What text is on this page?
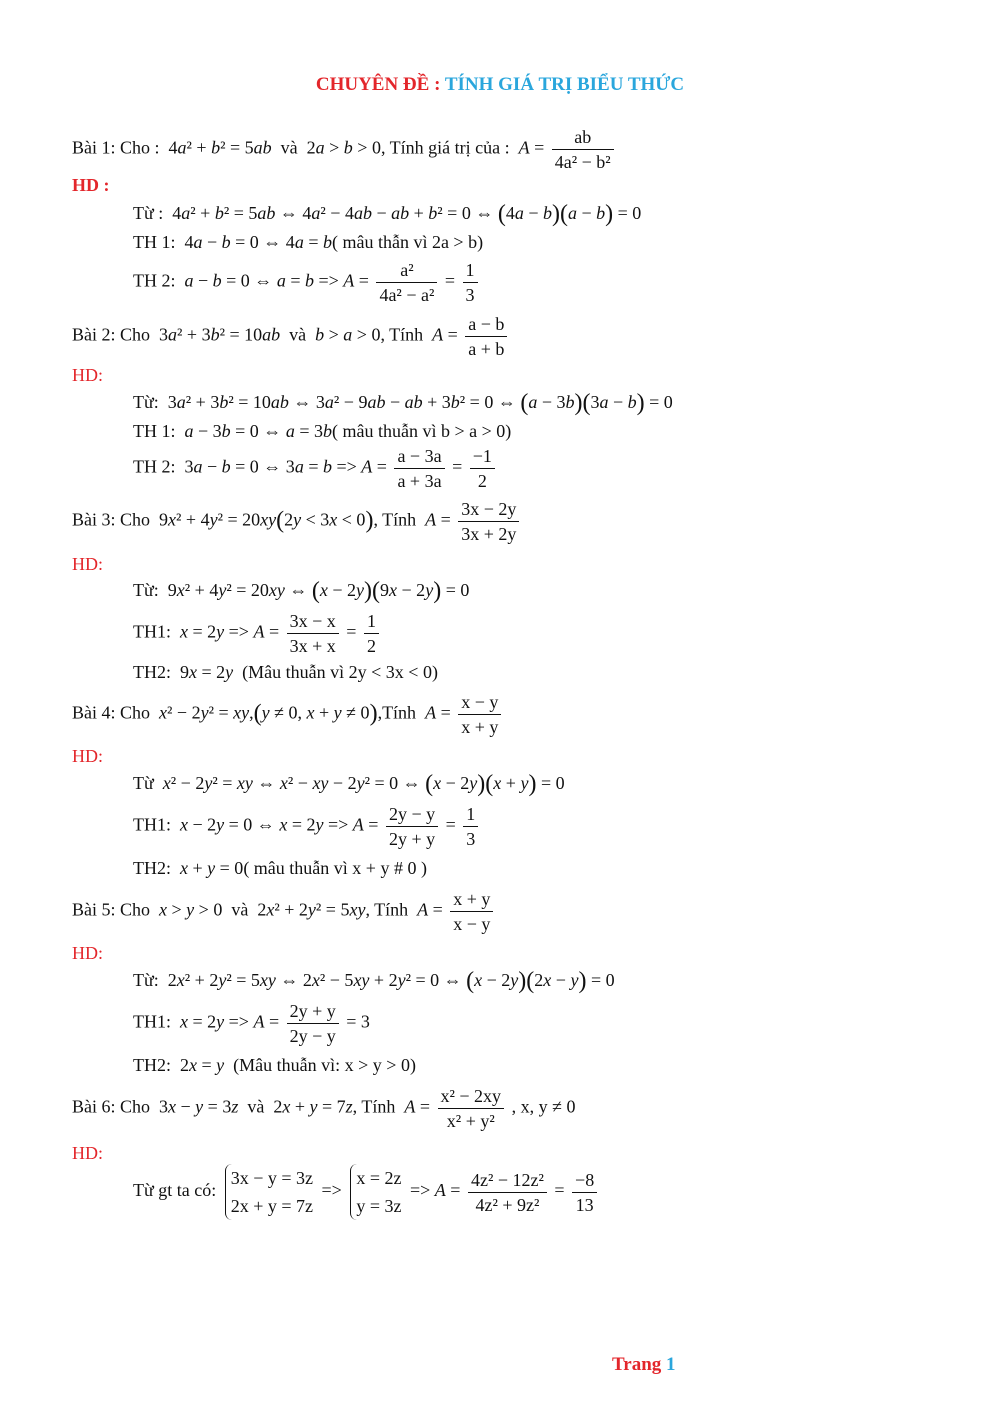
CHUYÊN ĐỀ : TÍNH GIÁ TRỊ BIỂU THỨC
Bài 1: Cho :  4a² + b² = 5ab và  2a > b > 0, Tính giá trị của : $A = \frac{ab}{\text{4a² − b²}}$
HD :
Từ :  4a² + b² = 5ab ⇔ 4a² − 4ab − ab + b² = 0 ⇔ (4a − b)(a − b) = 0
TH 1:  4a − b = 0 ⇔ 4a = b( mâu thẫn vì 2a > b)
TH 2: a − b = 0 ⇔ $a = b => A = \frac{\text{a²}}{\text{4a² − a²}} = \frac{1}{3}$
Bài 2: Cho  3a² + 3b² = 10ab và b > a > 0, Tính $A = \frac{a - b}{a + b}$
HD:
Từ:  3a² + 3b² = 10ab ⇔ 3a² − 9ab − ab + 3b² = 0 ⇔ (a − 3b)(3a − b) = 0
TH 1: a − 3b = 0 ⇔ a = 3b( mâu thuẫn vì b > a > 0)
TH 2:  3a − b = 0 ⇔ $3a = b => A = \frac{a - 3a}{a + 3a} = \frac{-1}{2}$
Bài 3: Cho  9x² + 4y² = 20xy(2y < 3x < 0), Tính $A = \frac{3x - 2y}{3x + 2y}$
HD:
Từ:  9x² + 4y² = 20xy ⇔ (x − 2y)(9x − 2y) = 0
TH1: $x = 2y => A = \frac{3x - x}{3x + x} = \frac{1}{2}$
TH2:  9x = 2y (Mâu thuẫn vì 2y < 3x < 0)
Bài 4: Cho x² − 2y² = xy,(y ≠ 0, x + y ≠ 0),Tính $A = \frac{x - y}{x + y}$
HD:
Từ x² − 2y² = xy ⇔ x² − xy − 2y² = 0 ⇔ (x − 2y)(x + y) = 0
TH1: x − 2y = 0 ⇔ $x = 2y => A = \frac{2y - y}{2y + y} = \frac{1}{3}$
TH2: x + y = 0( mâu thuẫn vì x + y # 0 )
Bài 5: Cho x > y > 0  và  2x² + 2y² = 5xy, Tính $A = \frac{x + y}{x - y}$
HD:
Từ:  2x² + 2y² = 5xy ⇔ 2x² − 5xy + 2y² = 0 ⇔ (x − 2y)(2x − y) = 0
TH1: $x = 2y => A = \frac{2y + y}{2y - y} = 3$
TH2:  2x = y (Mâu thuẫn vì: x > y > 0)
Bài 6: Cho  3x − y = 3z và  2x + y = 7z, Tính $A = \frac{\text{x² − 2xy}}{\text{x² + y²}}$ , x, y ≠ 0
HD:
Từ gt ta có:
3x − y = 3z
2x + y = 7z
=>
x = 2z
y = 3z
=> $A = \frac{\text{4z² − 12z²}}{\text{4z² + 9z²}} = \frac{-8}{13}$
Trang 1
